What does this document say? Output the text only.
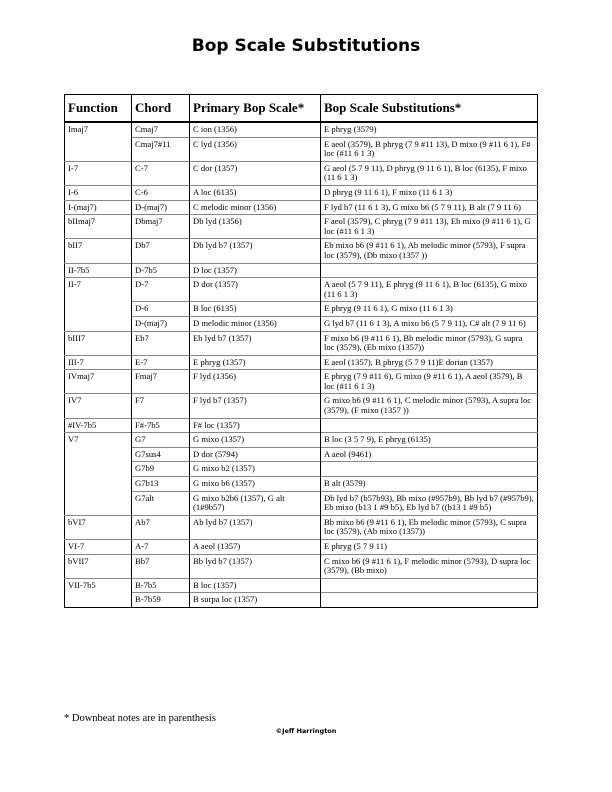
Bop Scale Substitutions
Function	Chord	Primary Bop Scale*	Bop Scale Substitutions*
Imaj7	Cmaj7	C ion (1356)	E phryg (3579)
	Cmaj7#11	C lyd (1356)	E aeol (3579), B phryg (7 9 #11 13), D mixo (9 #11 6 1), F# loc (#11 6 1 3)
I-7	C-7	C dor (1357)	G aeol (5 7 9 11), D phryg (9 11 6 1), B loc (6135), F mixo (11 6 1 3)
I-6	C-6	A loc (6135)	D phryg (9 11 6 1), F mixo (11 6 1 3)
I-(maj7)	D-(maj7)	C melodic minor (1356)	F lyd b7 (11 6 1 3), G mixo b6 (5 7 9 11), B alt (7 9 11 6)
bIImaj7	Dbmaj7	Db lyd (1356)	F aeol (3579), C phryg (7 9 #11 13), Eb mixo (9 #11 6 1), G loc (#11 6 1 3)
bII7	Db7	Db lyd b7 (1357)	Eb mixo b6 (9 #11 6 1), Ab melodic minor (5793), F supra loc (3579), (Db mixo (1357 ))
II-7b5	D-7b5	D loc (1357)	
II-7	D-7	D dor (1357)	A aeol (5 7 9 11), E phryg (9 11 6 1), B loc (6135), G mixo (11 6 1 3)
	D-6	B loc (6135)	E phryg (9 11 6 1), G mixo (11 6 1 3)
	D-(maj7)	D melodic minor (1356)	G lyd b7 (11 6 1 3), A mixo b6 (5 7 9 11), C# alt (7 9 11 6)
bIII7	Eb7	Eb lyd b7 (1357)	F mixo b6 (9 #11 6 1), Bb melodic minor (5793), G supra loc (3579), (Eb mixo (1357))
III-7	E-7	E phryg (1357)	E aeol (1357), B phryg (5 7 9 11)E dorian (1357)
IVmaj7	Fmaj7	F lyd (1356)	E phryg (7 9 #11 6), G mixo (9 #11 6 1), A aeol (3579), B loc (#11 6 1 3)
IV7	F7	F lyd b7 (1357)	G mixo b6 (9 #11 6 1), C melodic minor (5793), A supra loc (3579), (F mixo (1357 ))
#IV-7b5	F#-7b5	F# loc (1357)	
V7	G7	G mixo (1357)	B loc (3 5 7 9), E phryg (6135)
	G7sus4	D dor (5794)	A aeol (9461)
	G7b9	G mixo b2 (1357)	
	G7b13	G mixo b6 (1357)	B alt (3579)
	G7alt	G mixo b2b6 (1357), G alt (1#9b57)	Db lyd b7 (b57b93), Bb mixo (#957b9), Bb lyd b7 (#957b9), Eb mixo (b13 1 #9 b5), Eb lyd b7 ((b13 1 #9 b5)
bVI7	Ab7	Ab lyd b7 (1357)	Bb mixo b6 (9 #11 6 1), Eb melodic minor (5793), C supra loc (3579), (Ab mixo (1357))
VI-7	A-7	A aeol (1357)	E phryg (5 7 9 11)
bVII7	Bb7	Bb lyd b7 (1357)	C mixo b6 (9 #11 6 1), F melodic minor (5793), D supra loc (3579), (Bb mixo)
VII-7b5	B-7b5	B loc (1357)	
	B-7b59	B surpa loc (1357)	
* Downbeat notes are in parenthesis
©Jeff Harrington
